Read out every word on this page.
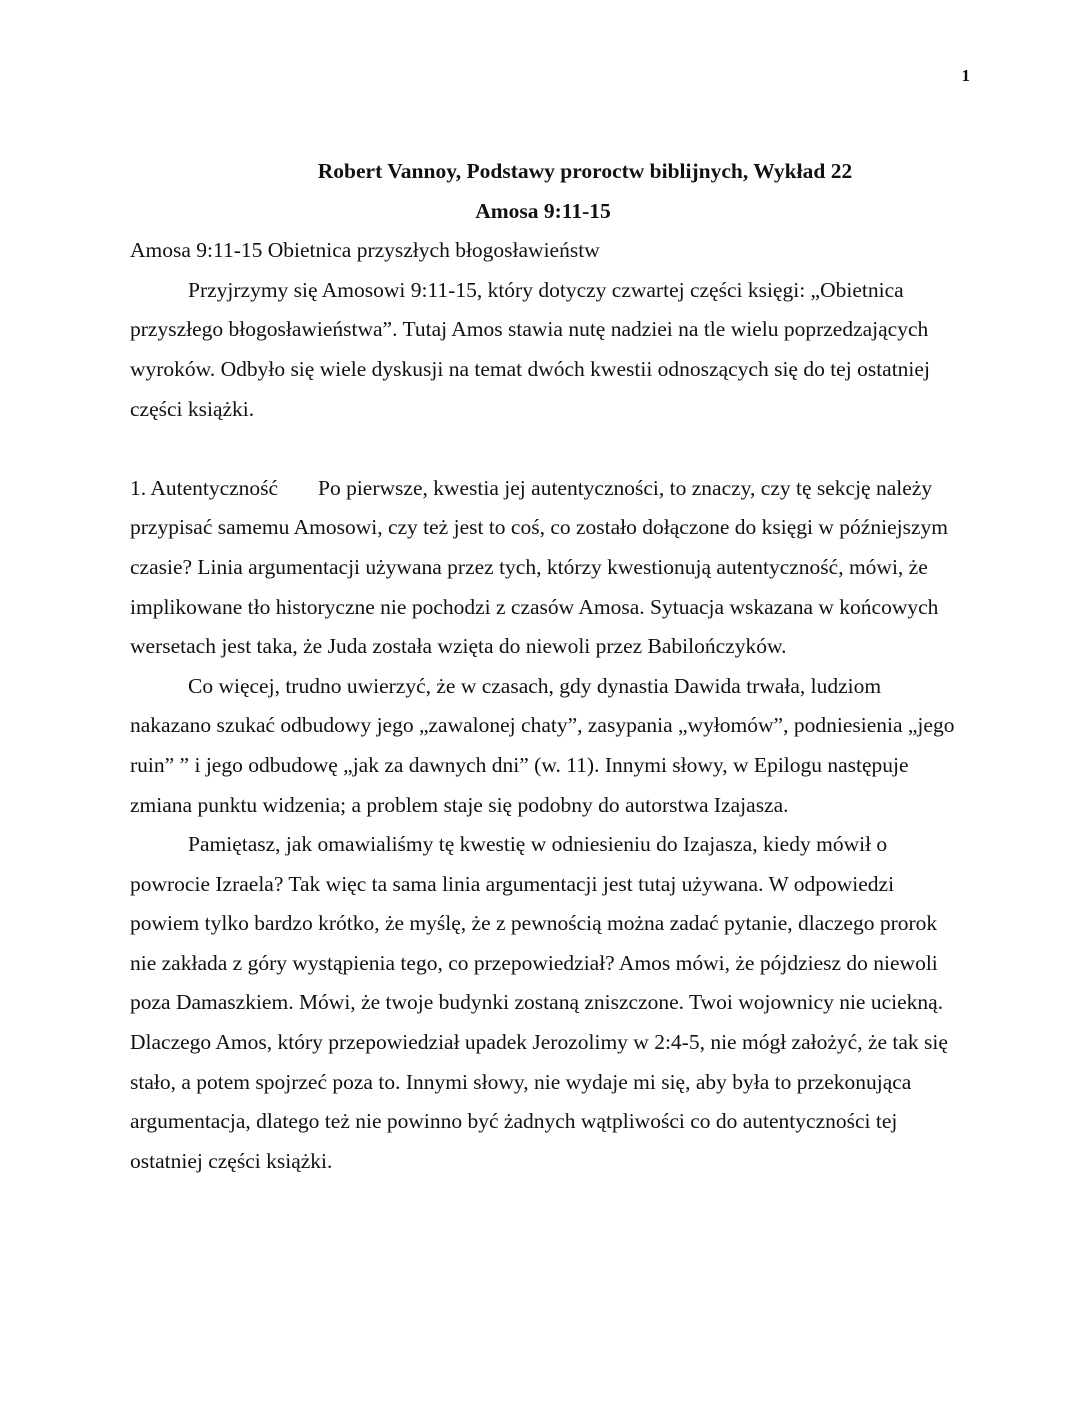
1
Robert Vannoy, Podstawy proroctw biblijnych, Wykład 22
Amosa 9:11-15

Amosa 9:11-15 Obietnica przyszłych błogosławieństw

Przyjrzymy się Amosowi 9:11-15, który dotyczy czwartej części księgi: „Obietnica przyszłego błogosławieństwa”. Tutaj Amos stawia nutę nadziei na tle wielu poprzedzających wyroków. Odbyło się wiele dyskusji na temat dwóch kwestii odnoszących się do tej ostatniej części książki.

1. Autentyczność Po pierwsze, kwestia jej autentyczności, to znaczy, czy tę sekcję należy przypisać samemu Amosowi, czy też jest to coś, co zostało dołączone do księgi w późniejszym czasie? Linia argumentacji używana przez tych, którzy kwestionują autentyczność, mówi, że implikowane tło historyczne nie pochodzi z czasów Amosa. Sytuacja wskazana w końcowych wersetach jest taka, że Juda została wzięta do niewoli przez Babilończyków.

Co więcej, trudno uwierzyć, że w czasach, gdy dynastia Dawida trwała, ludziom nakazano szukać odbudowy jego „zawalonej chaty”, zasypania „wyłomów”, podniesienia „jego ruin” ” i jego odbudowę „jak za dawnych dni” (w. 11). Innymi słowy, w Epilogu następuje zmiana punktu widzenia; a problem staje się podobny do autorstwa Izajasza.

Pamiętasz, jak omawialiśmy tę kwestię w odniesieniu do Izajasza, kiedy mówił o powrocie Izraela? Tak więc ta sama linia argumentacji jest tutaj używana. W odpowiedzi powiem tylko bardzo krótko, że myślę, że z pewnością można zadać pytanie, dlaczego prorok nie zakłada z góry wystąpienia tego, co przepowiedział? Amos mówi, że pójdziesz do niewoli poza Damaszkiem. Mówi, że twoje budynki zostaną zniszczone. Twoi wojownicy nie uciekną. Dlaczego Amos, który przepowiedział upadek Jerozolimy w 2:4-5, nie mógł założyć, że tak się stało, a potem spojrzeć poza to. Innymi słowy, nie wydaje mi się, aby była to przekonująca argumentacja, dlatego też nie powinno być żadnych wątpliwości co do autentyczności tej ostatniej części książki.
